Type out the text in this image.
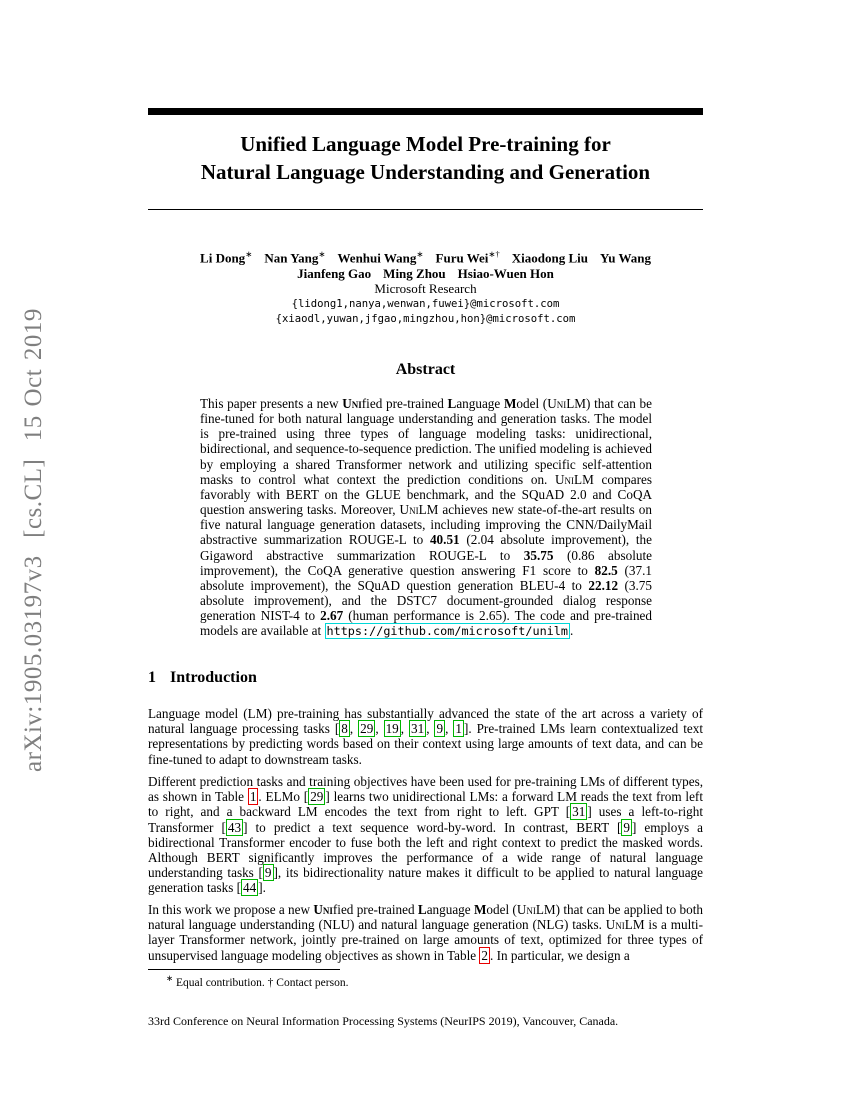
arXiv:1905.03197v3  [cs.CL]  15 Oct 2019
Unified Language Model Pre-training for
Natural Language Understanding and Generation
Li Dong∗ Nan Yang∗ Wenhui Wang∗ Furu Wei∗† Xiaodong Liu Yu Wang
Jianfeng Gao Ming Zhou Hsiao-Wuen Hon
Microsoft Research
{lidong1,nanya,wenwan,fuwei}@microsoft.com
{xiaodl,yuwan,jfgao,mingzhou,hon}@microsoft.com
Abstract

This paper presents a new Unified pre-trained Language Model (UniLM) that can be fine-tuned for both natural language understanding and generation tasks. The model is pre-trained using three types of language modeling tasks: unidirectional, bidirectional, and sequence-to-sequence prediction. The unified modeling is achieved by employing a shared Transformer network and utilizing specific self-attention masks to control what context the prediction conditions on. UniLM compares favorably with BERT on the GLUE benchmark, and the SQuAD 2.0 and CoQA question answering tasks. Moreover, UniLM achieves new state-of-the-art results on five natural language generation datasets, including improving the CNN/DailyMail abstractive summarization ROUGE-L to 40.51 (2.04 absolute improvement), the Gigaword abstractive summarization ROUGE-L to 35.75 (0.86 absolute improvement), the CoQA generative question answering F1 score to 82.5 (37.1 absolute improvement), the SQuAD question generation BLEU-4 to 22.12 (3.75 absolute improvement), and the DSTC7 document-grounded dialog response generation NIST-4 to 2.67 (human performance is 2.65). The code and pre-trained models are available at https://github.com/microsoft/unilm .

1 Introduction

Language model (LM) pre-training has substantially advanced the state of the art across a variety of natural language processing tasks [ 8 , 29 , 19 , 31 , 9 , 1 ]. Pre-trained LMs learn contextualized text representations by predicting words based on their context using large amounts of text data, and can be fine-tuned to adapt to downstream tasks.

Different prediction tasks and training objectives have been used for pre-training LMs of different types, as shown in Table 1 . ELMo [ 29 ] learns two unidirectional LMs: a forward LM reads the text from left to right, and a backward LM encodes the text from right to left. GPT [ 31 ] uses a left-to-right Transformer [ 43 ] to predict a text sequence word-by-word. In contrast, BERT [ 9 ] employs a bidirectional Transformer encoder to fuse both the left and right context to predict the masked words. Although BERT significantly improves the performance of a wide range of natural language understanding tasks [ 9 ], its bidirectionality nature makes it difficult to be applied to natural language generation tasks [ 44 ].

In this work we propose a new Unified pre-trained Language Model (UniLM) that can be applied to both natural language understanding (NLU) and natural language generation (NLG) tasks. UniLM is a multi-layer Transformer network, jointly pre-trained on large amounts of text, optimized for three types of unsupervised language modeling objectives as shown in Table 2 . In particular, we design a

∗ Equal contribution. † Contact person.
33rd Conference on Neural Information Processing Systems (NeurIPS 2019), Vancouver, Canada.
